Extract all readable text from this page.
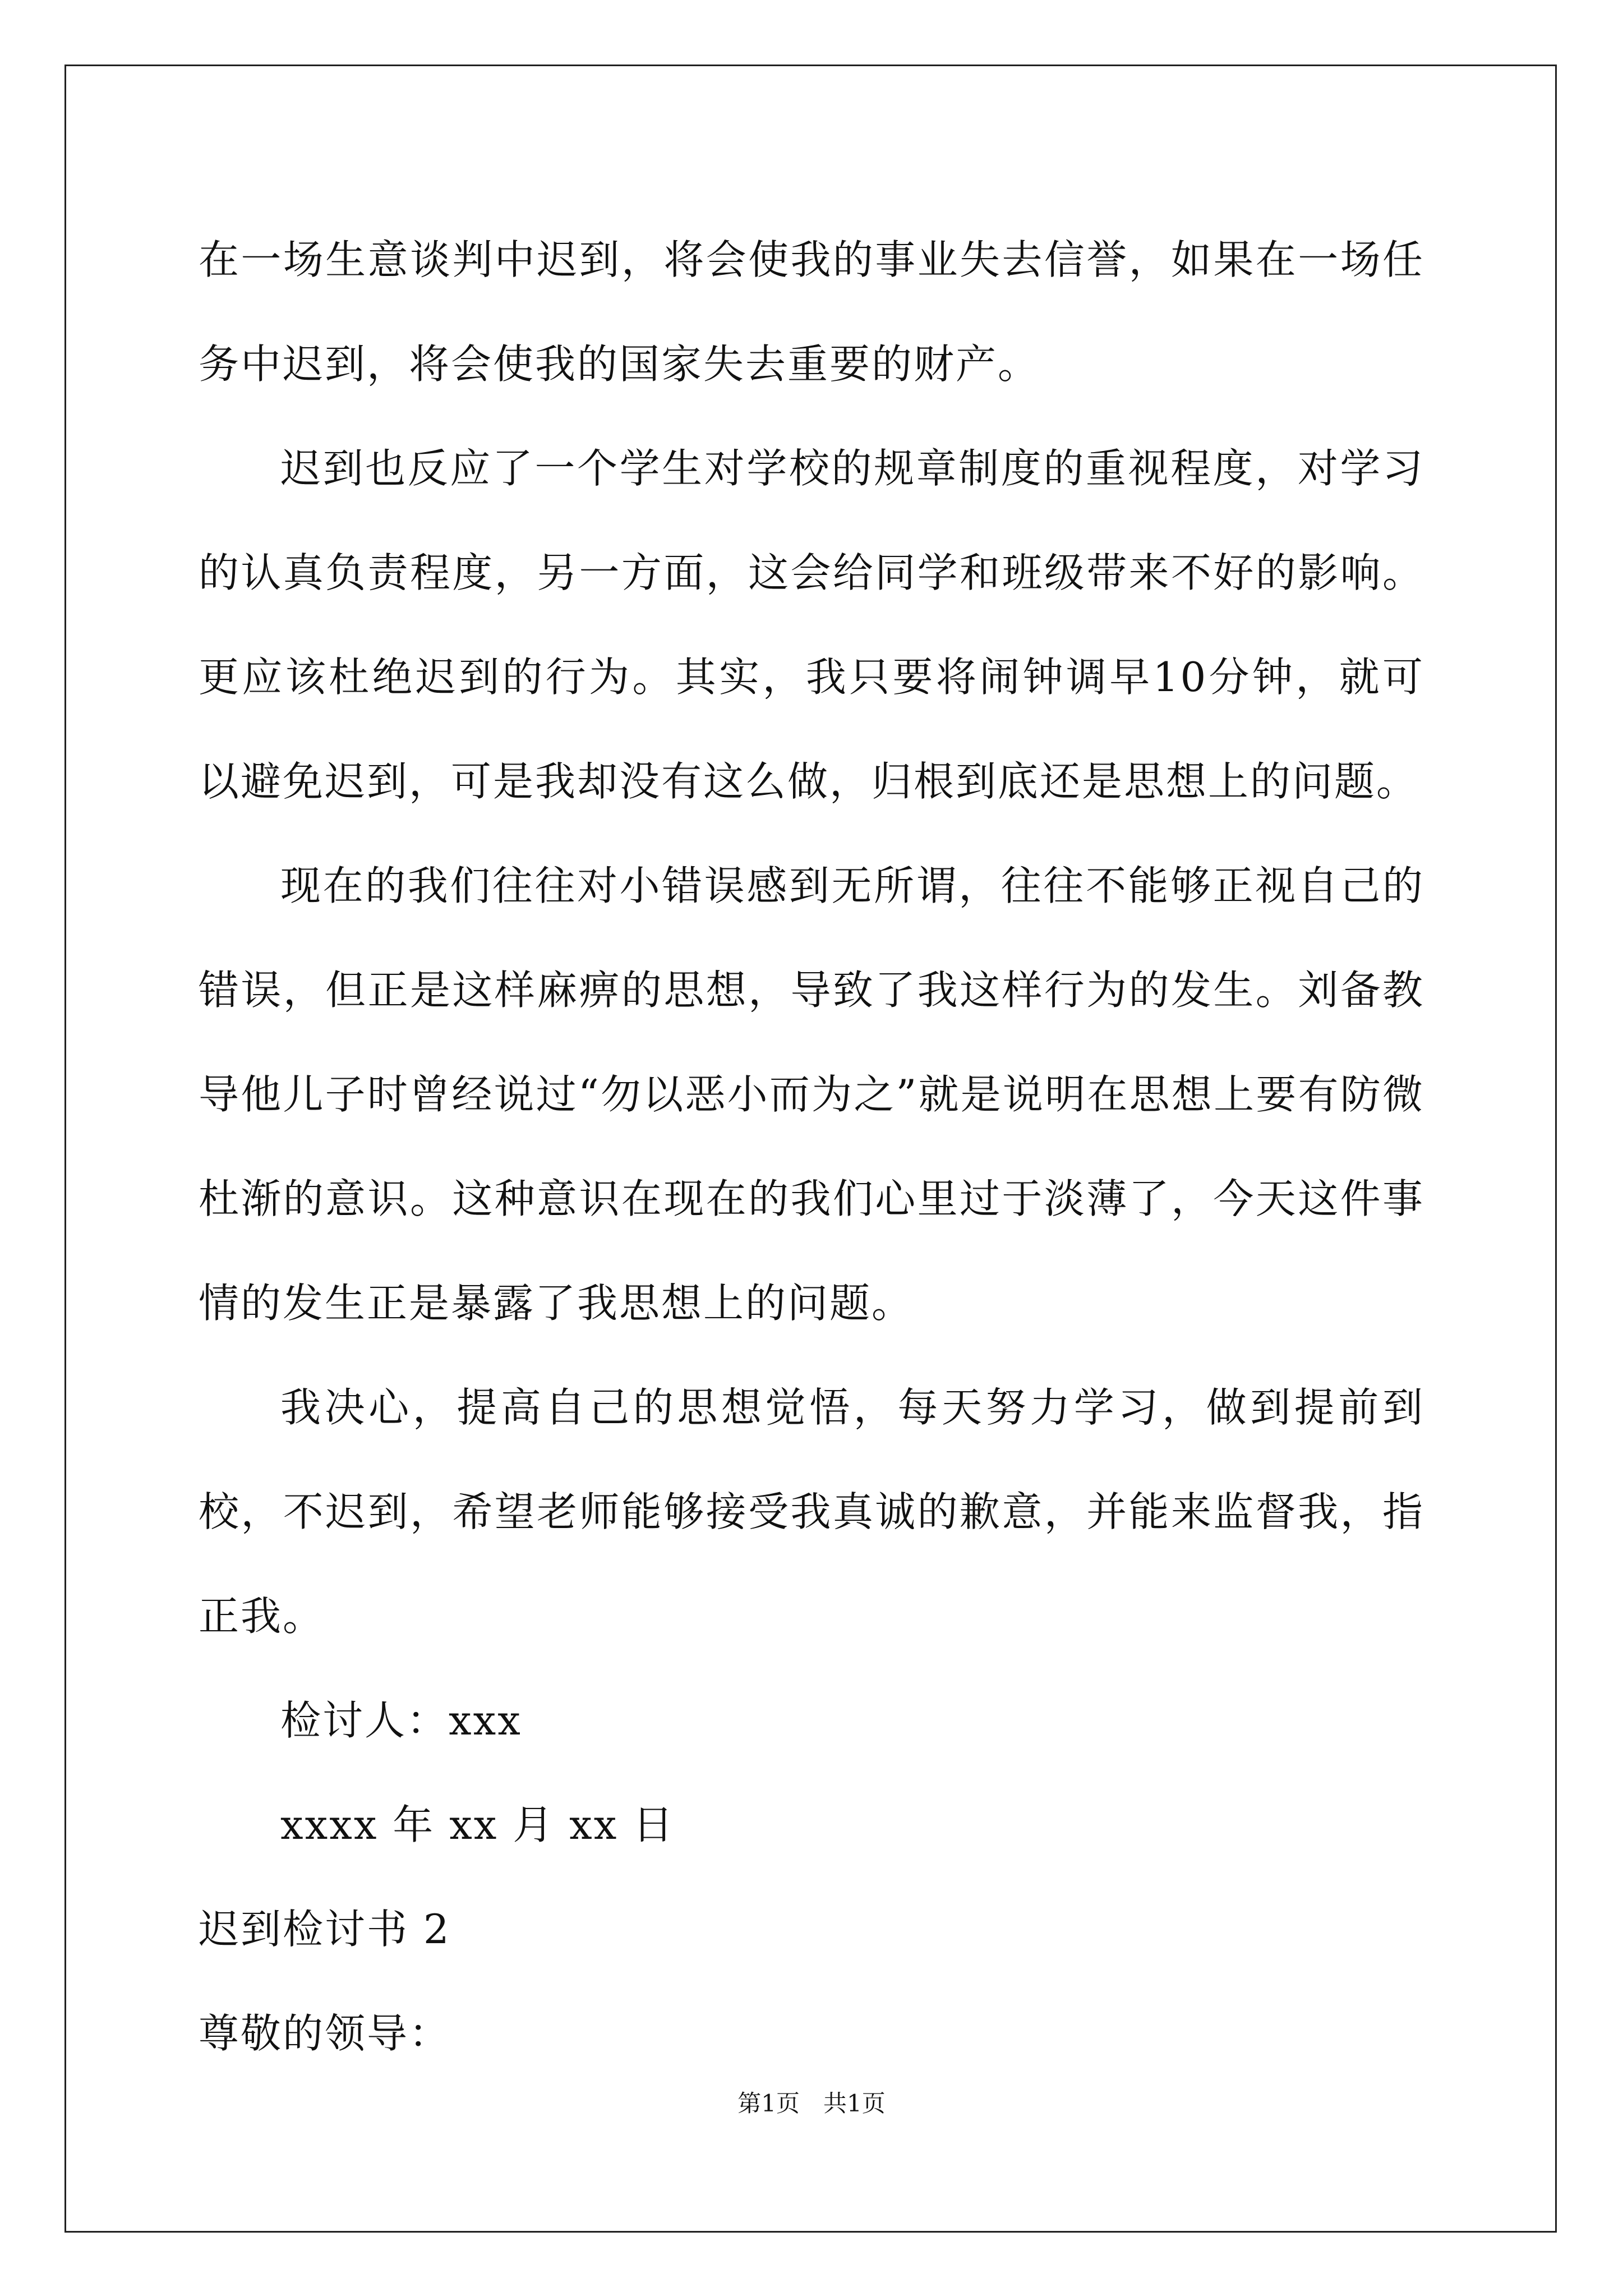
在一场生意谈判中迟到，将会使我的事业失去信誉，如果在一场任务中迟到，将会使我的国家失去重要的财产。

迟到也反应了一个学生对学校的规章制度的重视程度，对学习的认真负责程度，另一方面，这会给同学和班级带来不好的影响。更应该杜绝迟到的行为。其实，我只要将闹钟调早10分钟，就可以避免迟到，可是我却没有这么做，归根到底还是思想上的问题。

现在的我们往往对小错误感到无所谓，往往不能够正视自己的错误，但正是这样麻痹的思想，导致了我这样行为的发生。刘备教导他儿子时曾经说过“勿以恶小而为之”就是说明在思想上要有防微杜渐的意识。这种意识在现在的我们心里过于淡薄了，今天这件事情的发生正是暴露了我思想上的问题。

我决心，提高自己的思想觉悟，每天努力学习，做到提前到校，不迟到，希望老师能够接受我真诚的歉意，并能来监督我，指正我。

检讨人：xxx

xxxx 年 xx 月 xx 日

迟到检讨书 2

尊敬的领导：

第1页　共1页
